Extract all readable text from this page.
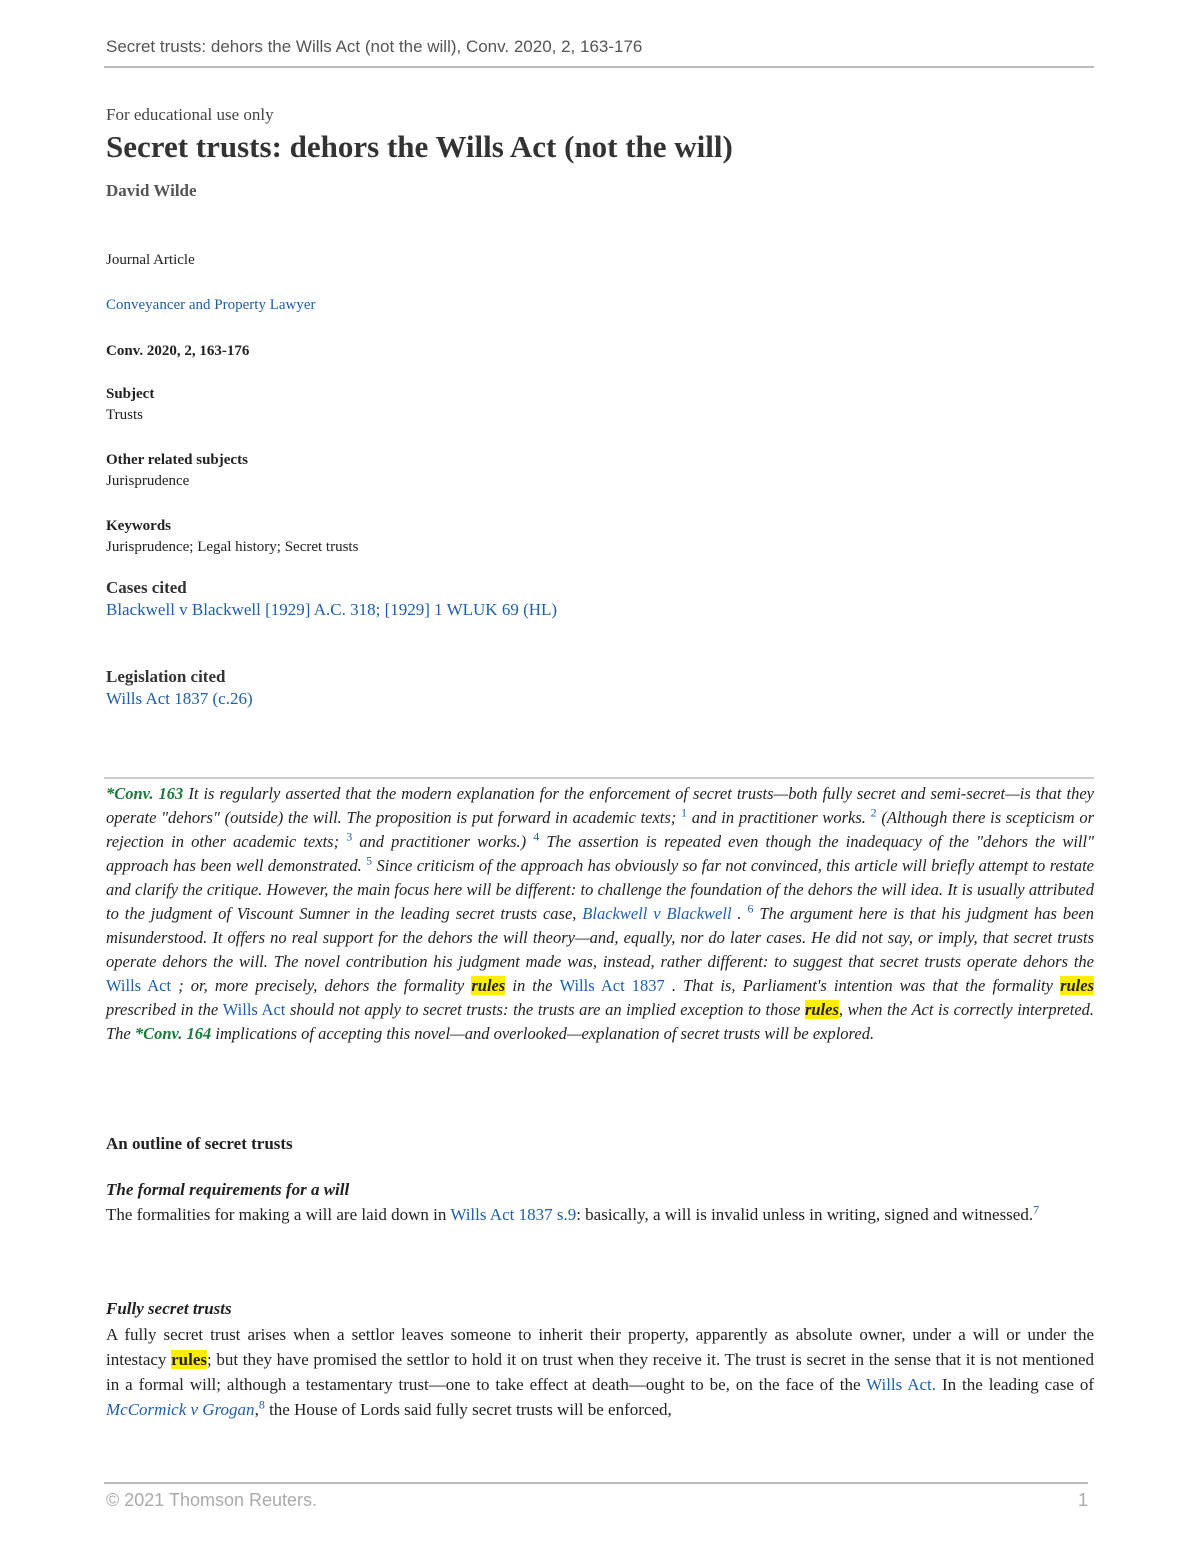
Secret trusts: dehors the Wills Act (not the will), Conv. 2020, 2, 163-176

For educational use only

Secret trusts: dehors the Wills Act (not the will)

David Wilde

Journal Article
Conveyancer and Property Lawyer
Conv. 2020, 2, 163-176
Subject
Trusts
Other related subjects
Jurisprudence
Keywords
Jurisprudence; Legal history; Secret trusts
Cases cited
Blackwell v Blackwell [1929] A.C. 318; [1929] 1 WLUK 69 (HL)
Legislation cited
Wills Act 1837 (c.26)
*Conv. 163 It is regularly asserted that the modern explanation for the enforcement of secret trusts—both fully secret and semi-secret—is that they operate "dehors" (outside) the will. The proposition is put forward in academic texts; $^1$ and in practitioner works. $^2$ (Although there is scepticism or rejection in other academic texts; $^3$ and practitioner works.) $^4$ The assertion is repeated even though the inadequacy of the "dehors the will" approach has been well demonstrated. $^5$ Since criticism of the approach has obviously so far not convinced, this article will briefly attempt to restate and clarify the critique. However, the main focus here will be different: to challenge the foundation of the dehors the will idea. It is usually attributed to the judgment of Viscount Sumner in the leading secret trusts case, Blackwell v Blackwell . $^6$ The argument here is that his judgment has been misunderstood. It offers no real support for the dehors the will theory—and, equally, nor do later cases. He did not say, or imply, that secret trusts operate dehors the will. The novel contribution his judgment made was, instead, rather different: to suggest that secret trusts operate dehors the Wills Act ; or, more precisely, dehors the formality rules in the Wills Act 1837 . That is, Parliament's intention was that the formality rules prescribed in the Wills Act should not apply to secret trusts: the trusts are an implied exception to those rules, when the Act is correctly interpreted. The *Conv. 164 implications of accepting this novel—and overlooked—explanation of secret trusts will be explored.
An outline of secret trusts
The formal requirements for a will
The formalities for making a will are laid down in Wills Act 1837 s.9: basically, a will is invalid unless in writing, signed and witnessed.$^7$
Fully secret trusts
A fully secret trust arises when a settlor leaves someone to inherit their property, apparently as absolute owner, under a will or under the intestacy rules; but they have promised the settlor to hold it on trust when they receive it. The trust is secret in the sense that it is not mentioned in a formal will; although a testamentary trust—one to take effect at death—ought to be, on the face of the Wills Act. In the leading case of McCormick v Grogan,$^8$ the House of Lords said fully secret trusts will be enforced,
© 2021 Thomson Reuters.	1
